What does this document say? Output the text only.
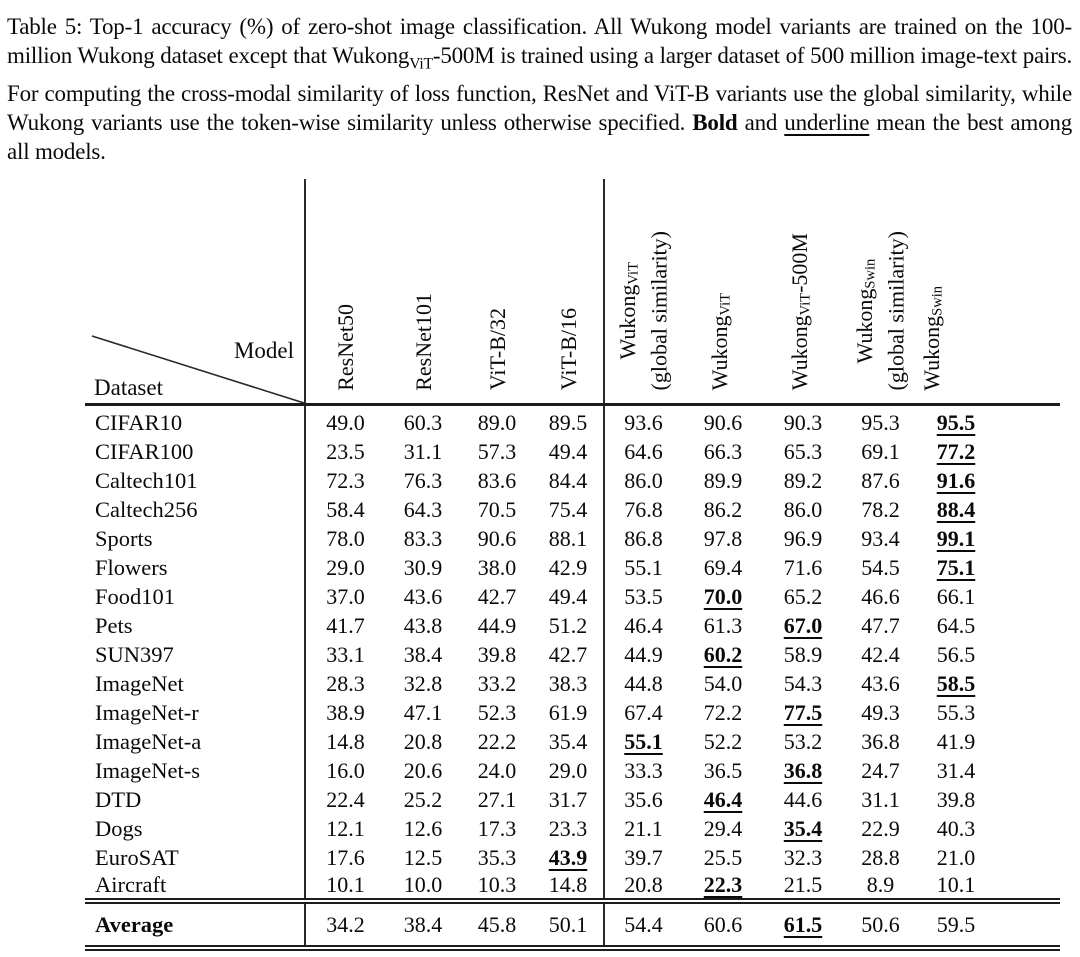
Table 5: Top-1 accuracy (%) of zero-shot image classification. All Wukong model variants are trained on the 100-million Wukong dataset except that Wukong$_{ViT}$-500M is trained using a larger dataset of 500 million image-text pairs. For computing the cross-modal similarity of loss function, ResNet and ViT-B variants use the global similarity, while Wukong variants use the token-wise similarity unless otherwise specified. Bold and underline mean the best among all models.

Model
Dataset	ResNet50	ResNet101	ViT-B/32	ViT-B/16	Wukong$_{ViT}$ (global similarity)	Wukong$_{ViT}$	Wukong$_{ViT}$-500M	Wukong$_{Swin}$ (global similarity)	Wukong$_{Swin}$
CIFAR10	49.0	60.3	89.0	89.5	93.6	90.6	90.3	95.3	95.5
CIFAR100	23.5	31.1	57.3	49.4	64.6	66.3	65.3	69.1	77.2
Caltech101	72.3	76.3	83.6	84.4	86.0	89.9	89.2	87.6	91.6
Caltech256	58.4	64.3	70.5	75.4	76.8	86.2	86.0	78.2	88.4
Sports	78.0	83.3	90.6	88.1	86.8	97.8	96.9	93.4	99.1
Flowers	29.0	30.9	38.0	42.9	55.1	69.4	71.6	54.5	75.1
Food101	37.0	43.6	42.7	49.4	53.5	70.0	65.2	46.6	66.1
Pets	41.7	43.8	44.9	51.2	46.4	61.3	67.0	47.7	64.5
SUN397	33.1	38.4	39.8	42.7	44.9	60.2	58.9	42.4	56.5
ImageNet	28.3	32.8	33.2	38.3	44.8	54.0	54.3	43.6	58.5
ImageNet-r	38.9	47.1	52.3	61.9	67.4	72.2	77.5	49.3	55.3
ImageNet-a	14.8	20.8	22.2	35.4	55.1	52.2	53.2	36.8	41.9
ImageNet-s	16.0	20.6	24.0	29.0	33.3	36.5	36.8	24.7	31.4
DTD	22.4	25.2	27.1	31.7	35.6	46.4	44.6	31.1	39.8
Dogs	12.1	12.6	17.3	23.3	21.1	29.4	35.4	22.9	40.3
EuroSAT	17.6	12.5	35.3	43.9	39.7	25.5	32.3	28.8	21.0
Aircraft	10.1	10.0	10.3	14.8	20.8	22.3	21.5	8.9	10.1
Average	34.2	38.4	45.8	50.1	54.4	60.6	61.5	50.6	59.5
